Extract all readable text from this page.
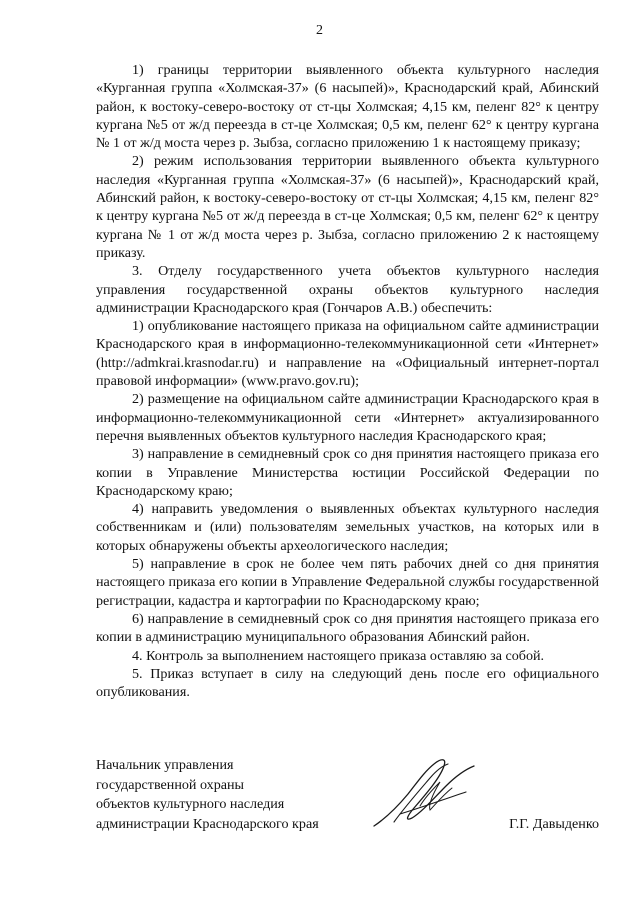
2

1) границы территории выявленного объекта культурного наследия «Курганная группа «Холмская-37» (6 насыпей)», Краснодарский край, Абинский район, к востоку-северо-востоку от ст-цы Холмская; 4,15 км, пеленг 82° к центру кургана №5 от ж/д переезда в ст-це Холмская; 0,5 км, пеленг 62° к центру кургана № 1 от ж/д моста через р. Зыбза, согласно приложению 1 к настоящему приказу;

2) режим использования территории выявленного объекта культурного наследия «Курганная группа «Холмская-37» (6 насыпей)», Краснодарский край, Абинский район, к востоку-северо-востоку от ст-цы Холмская; 4,15 км, пеленг 82° к центру кургана №5 от ж/д переезда в ст-це Холмская; 0,5 км, пеленг 62° к центру кургана № 1 от ж/д моста через р. Зыбза, согласно приложению 2 к настоящему приказу.

3. Отделу государственного учета объектов культурного наследия управления государственной охраны объектов культурного наследия администрации Краснодарского края (Гончаров А.В.) обеспечить:

1) опубликование настоящего приказа на официальном сайте администрации Краснодарского края в информационно-телекоммуникационной сети «Интернет» (http://admkrai.krasnodar.ru) и направление на «Официальный интернет-портал правовой информации» (www.pravo.gov.ru);

2) размещение на официальном сайте администрации Краснодарского края в информационно-телекоммуникационной сети «Интернет» актуализированного перечня выявленных объектов культурного наследия Краснодарского края;

3) направление в семидневный срок со дня принятия настоящего приказа его копии в Управление Министерства юстиции Российской Федерации по Краснодарскому краю;

4) направить уведомления о выявленных объектах культурного наследия собственникам и (или) пользователям земельных участков, на которых или в которых обнаружены объекты археологического наследия;

5) направление в срок не более чем пять рабочих дней со дня принятия настоящего приказа его копии в Управление Федеральной службы государственной регистрации, кадастра и картографии по Краснодарскому краю;

6) направление в семидневный срок со дня принятия настоящего приказа его копии в администрацию муниципального образования Абинский район.

4. Контроль за выполнением настоящего приказа оставляю за собой.

5. Приказ вступает в силу на следующий день после его официального опубликования.

Начальник управления
государственной охраны
объектов культурного наследия
администрации Краснодарского края	Г.Г. Давыденко
